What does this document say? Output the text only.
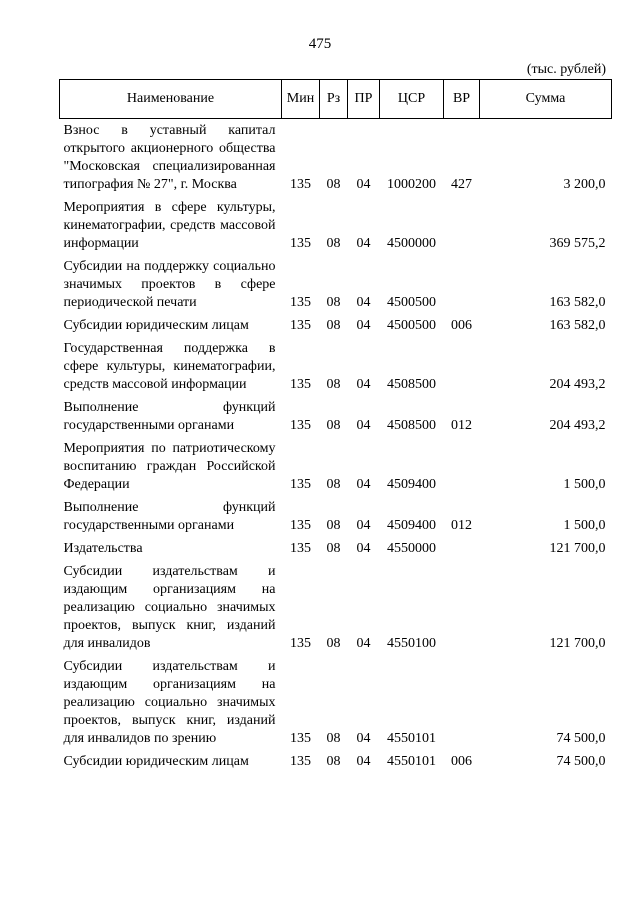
475
(тыс. рублей)
Наименование	Мин	Рз	ПР	ЦСР	ВР	Сумма
Взнос в уставный капитал открытого акционерного общества "Московская специализированная типография № 27", г. Москва	135	08	04	1000200	427	3 200,0
Мероприятия в сфере культуры, кинематографии, средств массовой информации	135	08	04	4500000		369 575,2
Субсидии на поддержку социально значимых проектов в сфере периодической печати	135	08	04	4500500		163 582,0
Субсидии юридическим лицам	135	08	04	4500500	006	163 582,0
Государственная поддержка в сфере культуры, кинематографии, средств массовой информации	135	08	04	4508500		204 493,2
Выполнение функций государственными органами	135	08	04	4508500	012	204 493,2
Мероприятия по патриотическому воспитанию граждан Российской Федерации	135	08	04	4509400		1 500,0
Выполнение функций государственными органами	135	08	04	4509400	012	1 500,0
Издательства	135	08	04	4550000		121 700,0
Субсидии издательствам и издающим организациям на реализацию социально значимых проектов, выпуск книг, изданий для инвалидов	135	08	04	4550100		121 700,0
Субсидии издательствам и издающим организациям на реализацию социально значимых проектов, выпуск книг, изданий для инвалидов по зрению	135	08	04	4550101		74 500,0
Субсидии юридическим лицам	135	08	04	4550101	006	74 500,0
